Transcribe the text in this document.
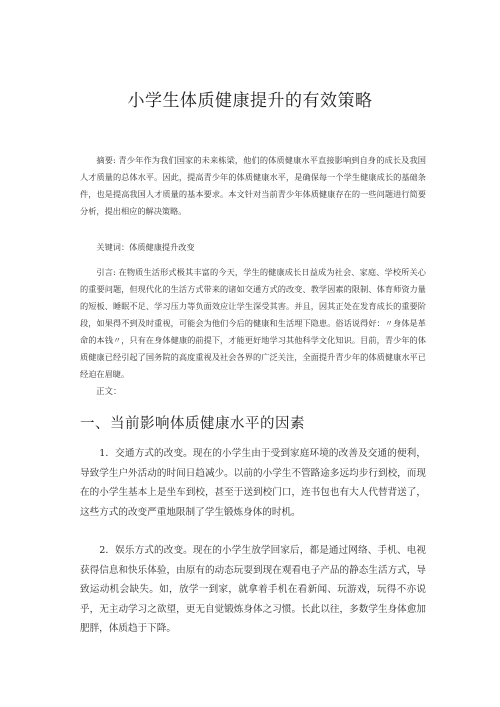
小学生体质健康提升的有效策略

摘要: 青少年作为我们国家的未来栋梁，他们的体质健康水平直接影响到自身的成长及我国人才质量的总体水平。因此，提高青少年的体质健康水平，是确保每一个学生健康成长的基础条件，也是提高我国人才质量的基本要求。本文针对当前青少年体质健康存在的一些问题进行简要分析，提出相应的解决策略。

关键词：体质健康提升改变

引言: 在物质生活形式极其丰富的今天，学生的健康成长日益成为社会、家庭、学校所关心的重要问题，但现代化的生活方式带来的诸如交通方式的改变、教学因素的限制、体育师资力量的短板、睡眠不足、学习压力等负面效应让学生深受其害。并且，因其正处在发育成长的重要阶段，如果得不到及时重视，可能会为他们今后的健康和生活埋下隐患。俗话说得好：〃身体是革命的本钱〃，只有在身体健康的前提下，才能更好地学习其他科学文化知识。目前，青少年的体质健康已经引起了国务院的高度重视及社会各界的广泛关注，全面提升青少年的体质健康水平已经迫在眉睫。

正文：

一、当前影响体质健康水平的因素

1．交通方式的改变。现在的小学生由于受到家庭环境的改善及交通的便利，导致学生户外活动的时间日趋减少。以前的小学生不管路途多远均步行到校，而现在的小学生基本上是坐车到校，甚至于送到校门口，连书包也有大人代替背送了，这些方式的改变严重地限制了学生锻炼身体的时机。

2．娱乐方式的改变。现在的小学生放学回家后，都是通过网络、手机、电视获得信息和快乐体验，由原有的动态玩耍到现在观看电子产品的静态生活方式，导致运动机会缺失。如，放学一到家，就拿着手机在看新闻、玩游戏，玩得不亦说乎，无主动学习之欲望，更无自觉锻炼身体之习惯。长此以往，多数学生身体愈加肥胖，体质趋于下降。
